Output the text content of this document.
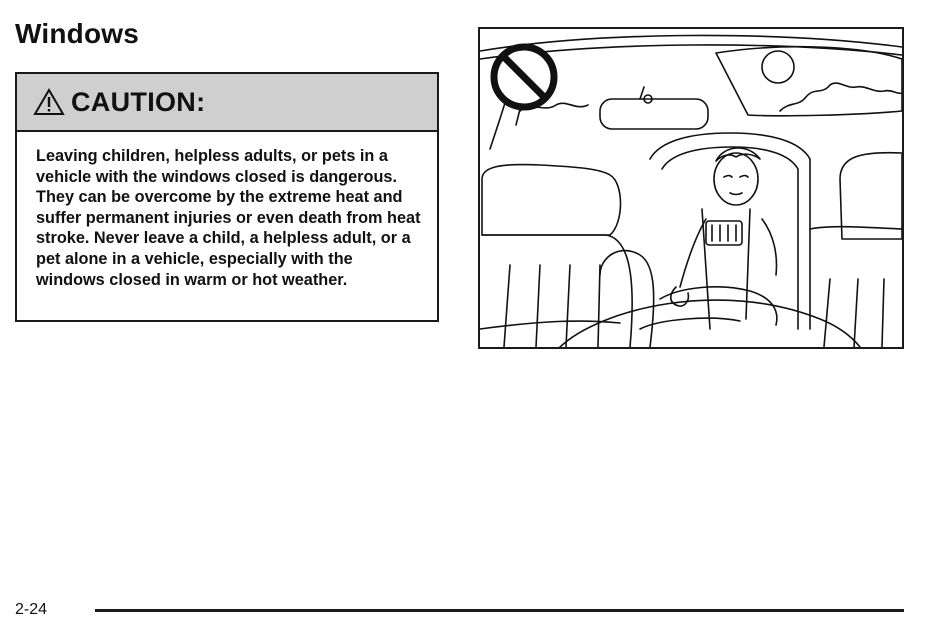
Windows
CAUTION:

Leaving children, helpless adults, or pets in a vehicle with the windows closed is dangerous. They can be overcome by the extreme heat and suffer permanent injuries or even death from heat stroke. Never leave a child, a helpless adult, or a pet alone in a vehicle, especially with the windows closed in warm or hot weather.

2-24
